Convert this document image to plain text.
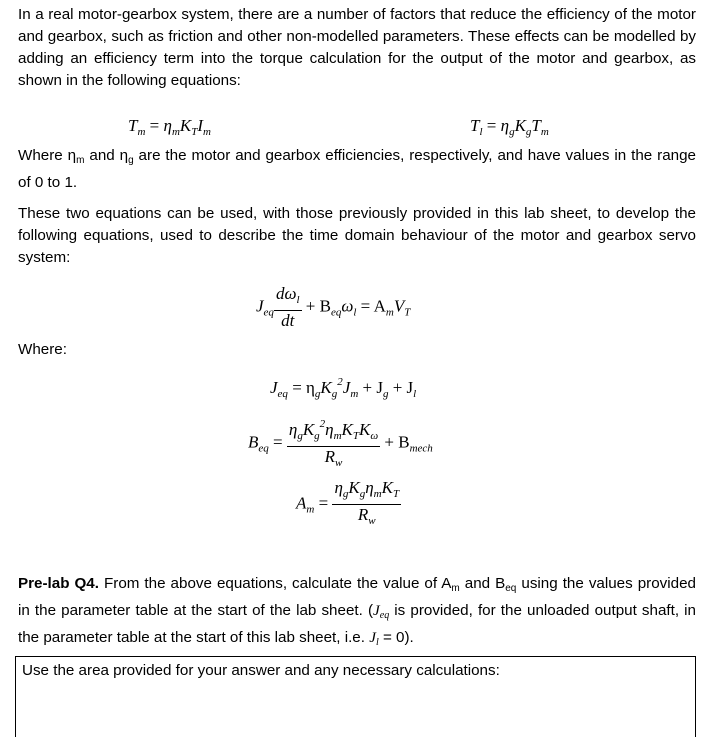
In a real motor-gearbox system, there are a number of factors that reduce the efficiency of the motor and gearbox, such as friction and other non-modelled parameters. These effects can be modelled by adding an efficiency term into the torque calculation for the output of the motor and gearbox, as shown in the following equations:

$T_m = \eta_mK_TI_m$	$T_l = \eta_gK_gT_m$

Where ηm and ηg are the motor and gearbox efficiencies, respectively, and have values in the range of 0 to 1.

These two equations can be used, with those previously provided in this lab sheet, to develop the following equations, used to describe the time domain behaviour of the motor and gearbox servo system:

$J_{eq} \frac{d\omega_l}{dt} + B_{eq}\omega_l = A_mV_T$

Where:

$J_{eq} = \eta_gK_g^2J_m + J_g + J_l$
$B_{eq} = \frac{\eta_gK_g^2\eta_mK_TK_\omega}{R_w} + B_{mech}$
$A_m = \frac{\eta_gK_g\eta_mK_T}{R_w}$

Pre-lab Q4. From the above equations, calculate the value of Am and Beq using the values provided in the parameter table at the start of the lab sheet. (Jeq is provided, for the unloaded output shaft, in the parameter table at the start of this lab sheet, i.e. Jl = 0).

Use the area provided for your answer and any necessary calculations:
